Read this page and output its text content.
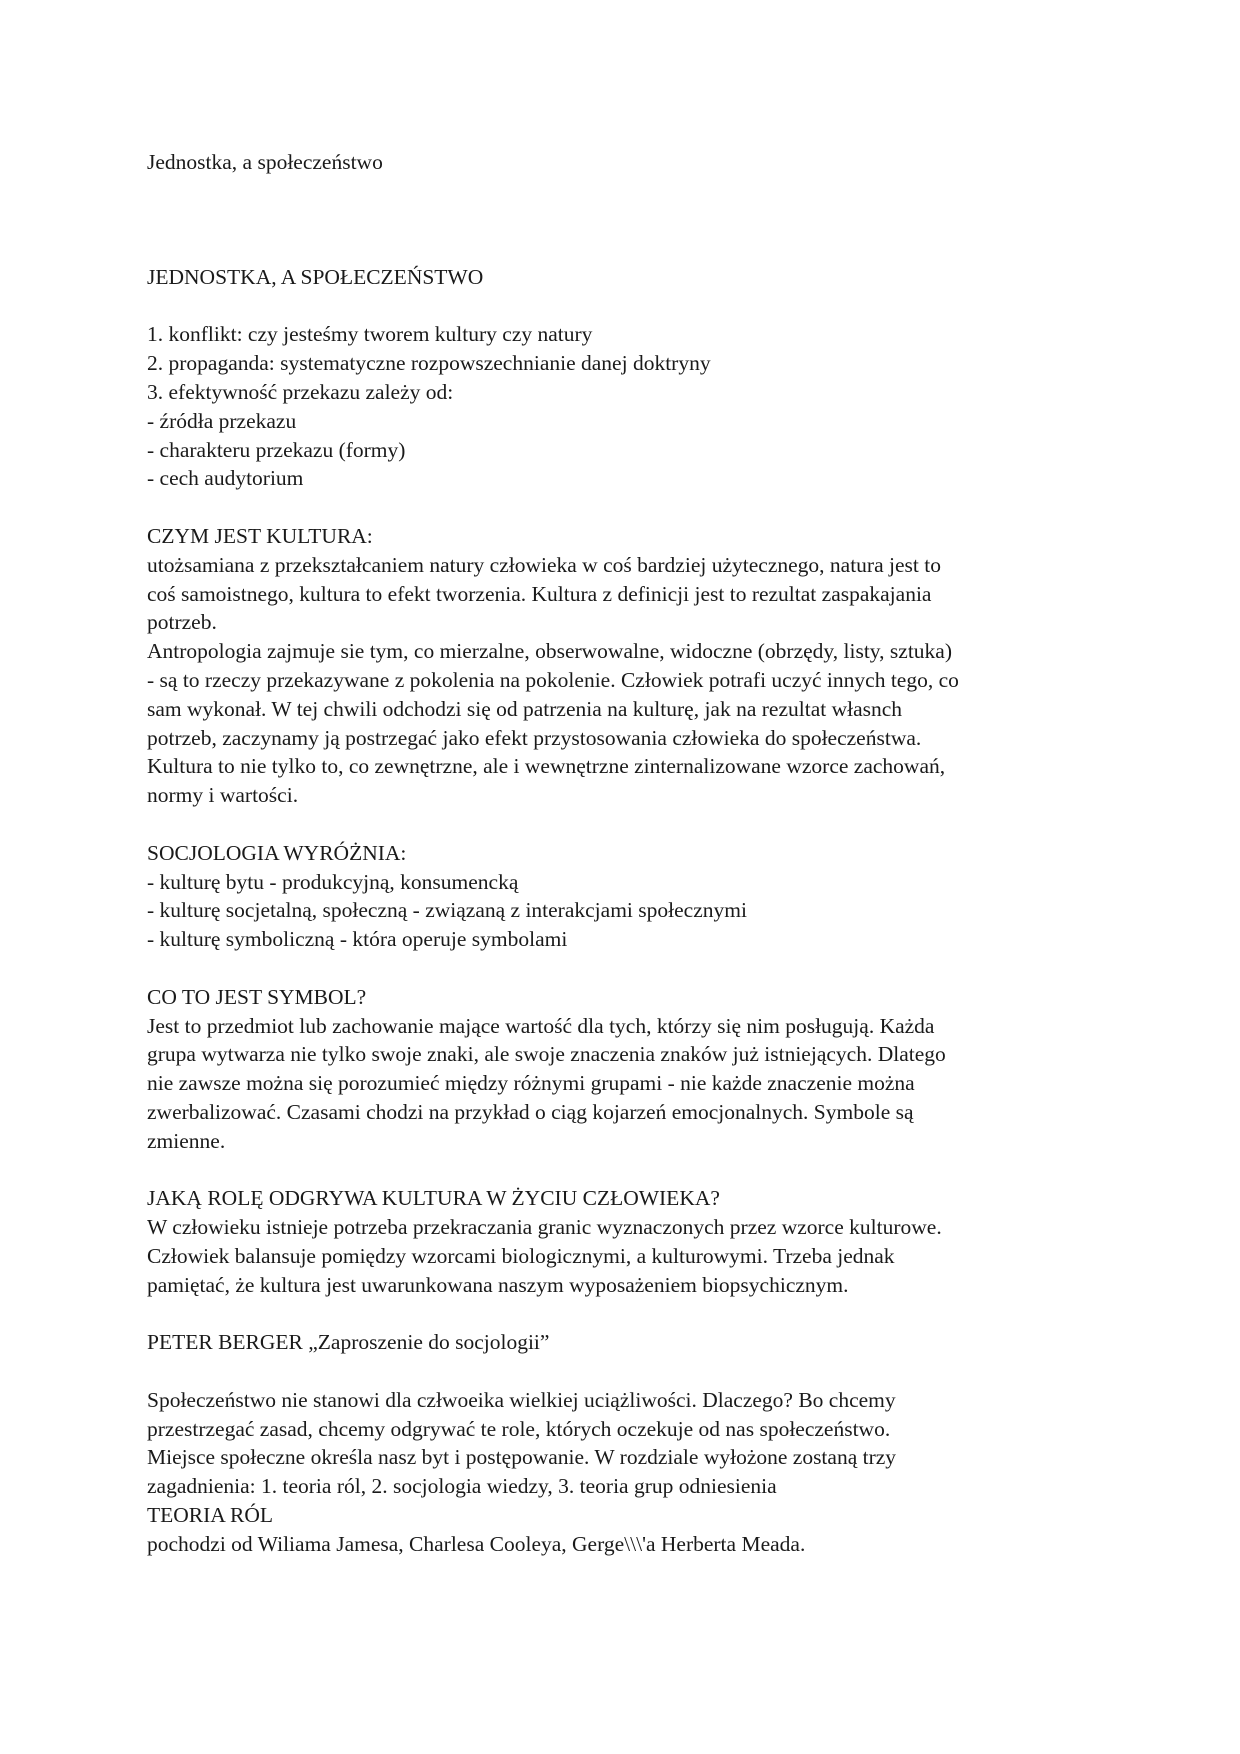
Jednostka, a społeczeństwo
JEDNOSTKA, A SPOŁECZEŃSTWO
1. konflikt: czy jesteśmy tworem kultury czy natury
2. propaganda: systematyczne rozpowszechnianie danej doktryny
3. efektywność przekazu zależy od:
- źródła przekazu
- charakteru przekazu (formy)
- cech audytorium
CZYM JEST KULTURA:
utożsamiana z przekształcaniem natury człowieka w coś bardziej użytecznego, natura jest to
coś samoistnego, kultura to efekt tworzenia. Kultura z definicji jest to rezultat zaspakajania
potrzeb.
Antropologia zajmuje sie tym, co mierzalne, obserwowalne, widoczne (obrzędy, listy, sztuka)
- są to rzeczy przekazywane z pokolenia na pokolenie. Człowiek potrafi uczyć innych tego, co
sam wykonał. W tej chwili odchodzi się od patrzenia na kulturę, jak na rezultat własnch
potrzeb, zaczynamy ją postrzegać jako efekt przystosowania człowieka do społeczeństwa.
Kultura to nie tylko to, co zewnętrzne, ale i wewnętrzne zinternalizowane wzorce zachowań,
normy i wartości.
SOCJOLOGIA WYRÓŻNIA:
- kulturę bytu - produkcyjną, konsumencką
- kulturę socjetalną, społeczną - związaną z interakcjami społecznymi
- kulturę symboliczną - która operuje symbolami
CO TO JEST SYMBOL?
Jest to przedmiot lub zachowanie mające wartość dla tych, którzy się nim posługują. Każda
grupa wytwarza nie tylko swoje znaki, ale swoje znaczenia znaków już istniejących. Dlatego
nie zawsze można się porozumieć między różnymi grupami - nie każde znaczenie można
zwerbalizować. Czasami chodzi na przykład o ciąg kojarzeń emocjonalnych. Symbole są
zmienne.
JAKĄ ROLĘ ODGRYWA KULTURA W ŻYCIU CZŁOWIEKA?
W człowieku istnieje potrzeba przekraczania granic wyznaczonych przez wzorce kulturowe.
Człowiek balansuje pomiędzy wzorcami biologicznymi, a kulturowymi. Trzeba jednak
pamiętać, że kultura jest uwarunkowana naszym wyposażeniem biopsychicznym.
PETER BERGER „Zaproszenie do socjologii”
Społeczeństwo nie stanowi dla człwoeika wielkiej uciążliwości. Dlaczego? Bo chcemy
przestrzegać zasad, chcemy odgrywać te role, których oczekuje od nas społeczeństwo.
Miejsce społeczne określa nasz byt i postępowanie. W rozdziale wyłożone zostaną trzy
zagadnienia: 1. teoria ról, 2. socjologia wiedzy, 3. teoria grup odniesienia
TEORIA RÓL
pochodzi od Wiliama Jamesa, Charlesa Cooleya, Gerge\\\'a Herberta Meada.
